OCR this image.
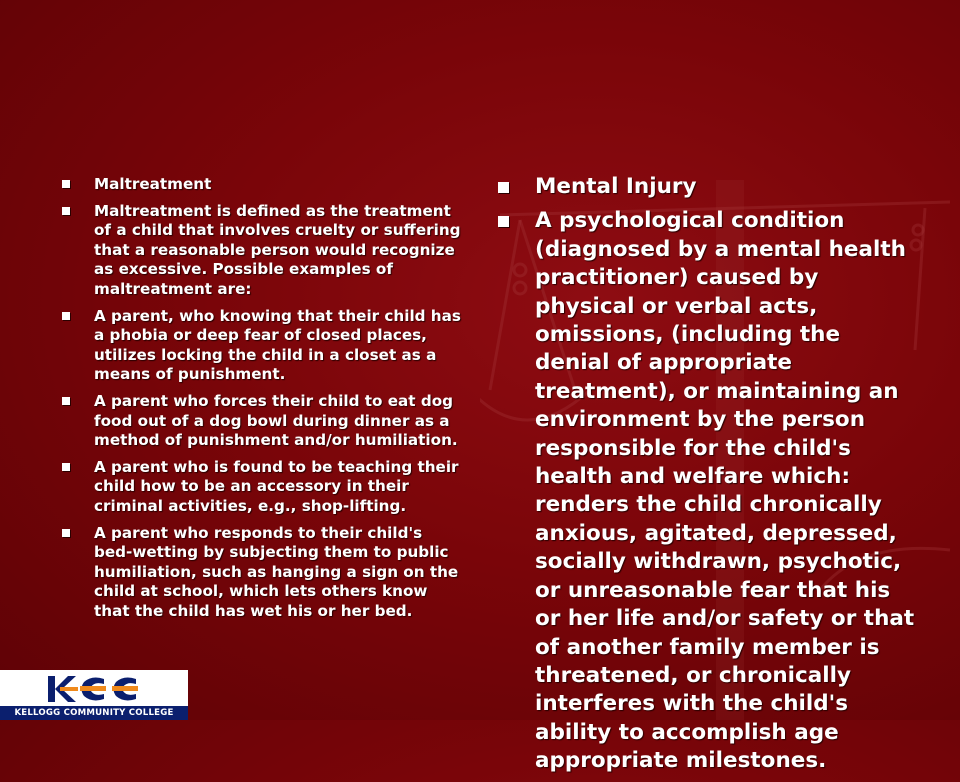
Maltreatment
Maltreatment is defined as the treatment of a child that involves cruelty or suffering that a reasonable person would recognize as excessive. Possible examples of maltreatment are:
A parent, who knowing that their child has a phobia or deep fear of closed places, utilizes locking the child in a closet as a means of punishment.
A parent who forces their child to eat dog food out of a dog bowl during dinner as a method of punishment and/or humiliation.
A parent who is found to be teaching their child how to be an accessory in their criminal activities, e.g., shop-lifting.
A parent who responds to their child's bed-wetting by subjecting them to public humiliation, such as hanging a sign on the child at school, which lets others know that the child has wet his or her bed.
Mental Injury
A psychological condition (diagnosed by a mental health practitioner) caused by physical or verbal acts, omissions, (including the denial of appropriate treatment), or maintaining an environment by the person responsible for the child's health and welfare which: renders the child chronically anxious, agitated, depressed, socially withdrawn, psychotic, or unreasonable fear that his or her life and/or safety or that of another family member is threatened, or chronically interferes with the child's ability to accomplish age appropriate milestones.
KELLOGG COMMUNITY COLLEGE
